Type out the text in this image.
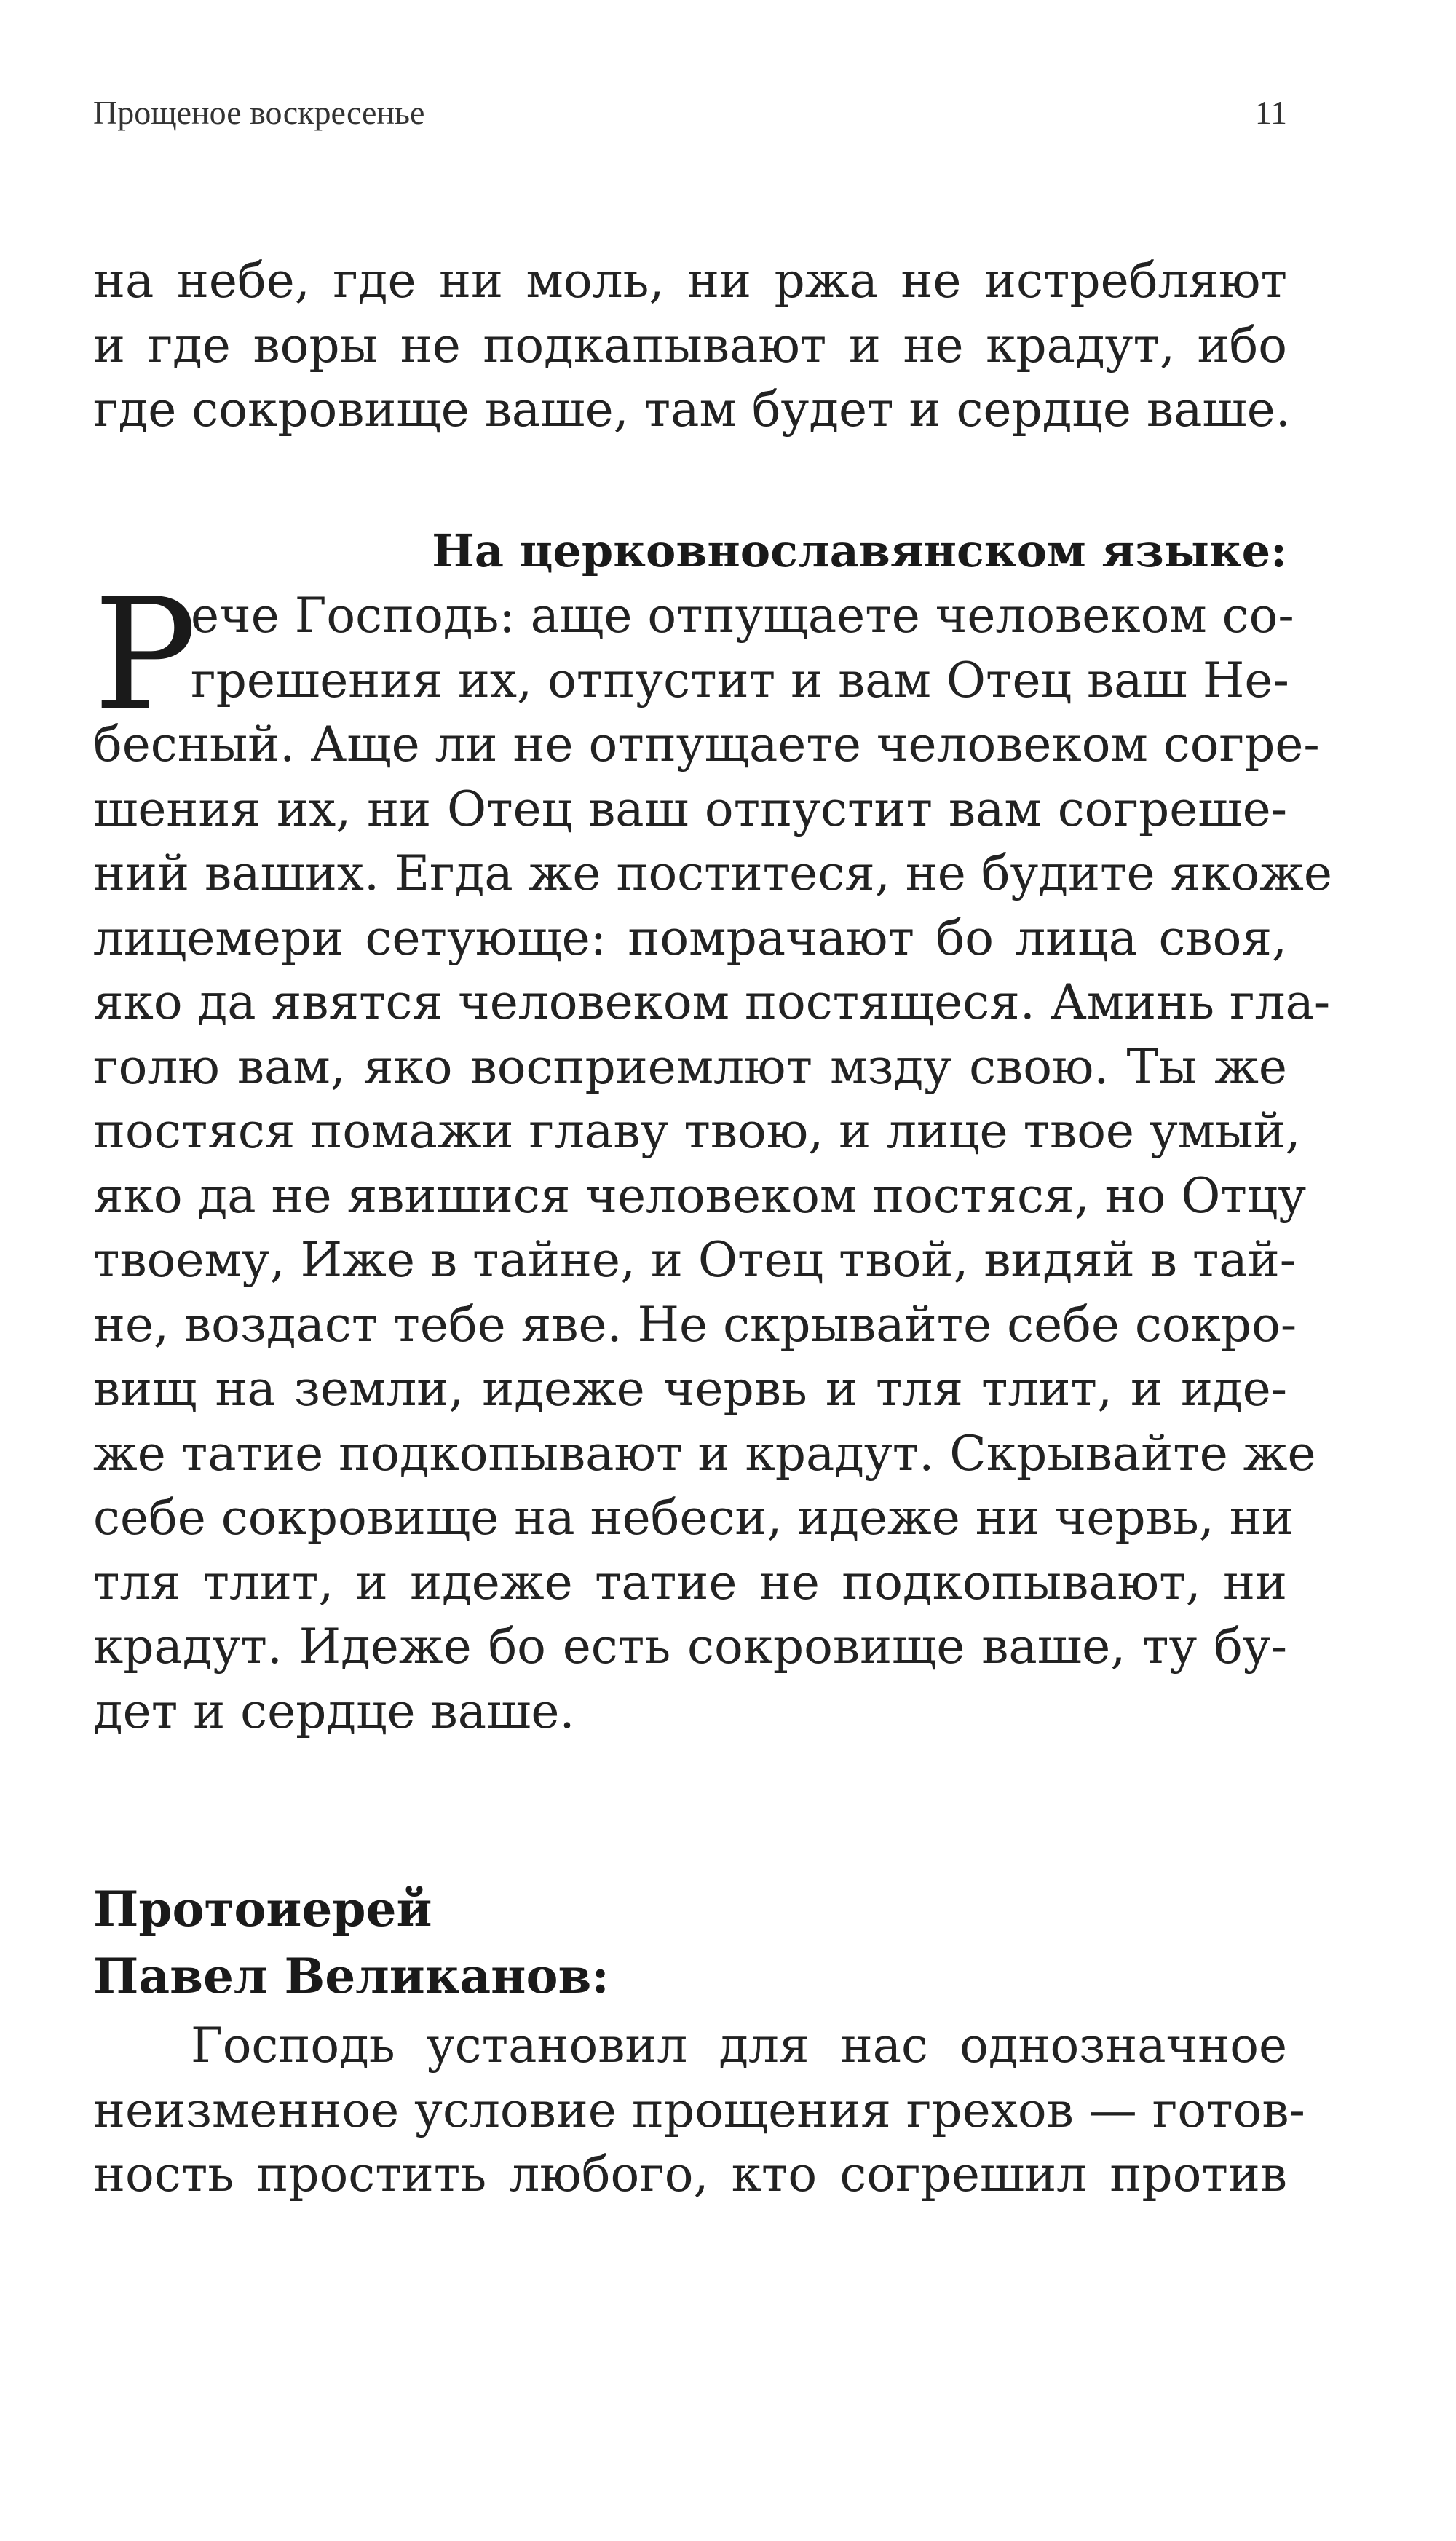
Прощеное воскресенье	11
на небе, где ни моль, ни ржа не истребляют
и где воры не подкапывают и не крадут, ибо
где сокровище ваше, там будет и сердце ваше.
На церковнославянском языке:
Р
ече Господь: аще отпущаете человеком со-
грешения их, отпустит и вам Отец ваш Не-
бесный. Аще ли не отпущаете человеком согре-
шения их, ни Отец ваш отпустит вам согреше-
ний ваших. Егда же поститеся, не будите якоже
лицемери сетующе: помрачают бо лица своя,
яко да явятся человеком постящеся. Аминь гла-
голю вам, яко восприемлют мзду свою. Ты же
постяся помажи главу твою, и лице твое умый,
яко да не явишися человеком постяся, но Отцу
твоему, Иже в тайне, и Отец твой, видяй в тай-
не, воздаст тебе яве. Не скрывайте себе сокро-
вищ на земли, идеже червь и тля тлит, и иде-
же татие подкопывают и крадут. Скрывайте же
себе сокровище на небеси, идеже ни червь, ни
тля тлит, и идеже татие не подкопывают, ни
крадут. Идеже бо есть сокровище ваше, ту бу-
дет и сердце ваше.
Протоиерей
Павел Великанов:
Господь установил для нас однозначное
неизменное условие прощения грехов — готов-
ность простить любого, кто согрешил против
